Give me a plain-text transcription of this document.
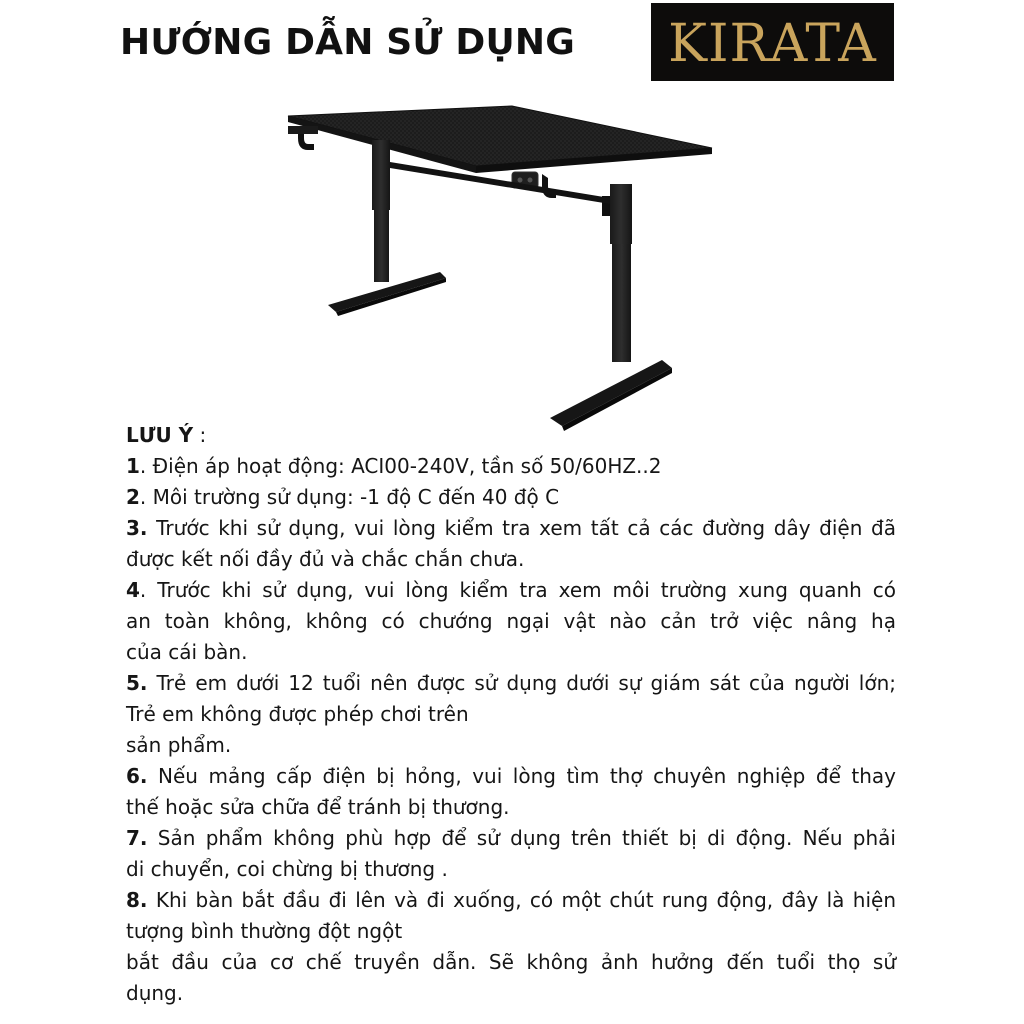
HƯỚNG DẪN SỬ DỤNG KIRATA
LƯU Ý :
1. Điện áp hoạt động: ACI00-240V, tần số 50/60HZ..2
2. Môi trường sử dụng: -1 độ C đến 40 độ C
3. Trước khi sử dụng, vui lòng kiểm tra xem tất cả các đường dây điện đã
được kết nối đầy đủ và chắc chắn chưa.
4. Trước khi sử dụng, vui lòng kiểm tra xem môi trường xung quanh có
an toàn không, không có chướng ngại vật nào cản trở việc nâng hạ
của cái bàn.
5. Trẻ em dưới 12 tuổi nên được sử dụng dưới sự giám sát của người lớn;
Trẻ em không được phép chơi trên
sản phẩm.
6. Nếu mảng cấp điện bị hỏng, vui lòng tìm thợ chuyên nghiệp để thay
thế hoặc sửa chữa để tránh bị thương.
7. Sản phẩm không phù hợp để sử dụng trên thiết bị di động. Nếu phải
di chuyển, coi chừng bị thương .
8. Khi bàn bắt đầu đi lên và đi xuống, có một chút rung động, đây là hiện
tượng bình thường đột ngột
bắt đầu của cơ chế truyền dẫn. Sẽ không ảnh hưởng đến tuổi thọ sử
dụng.
